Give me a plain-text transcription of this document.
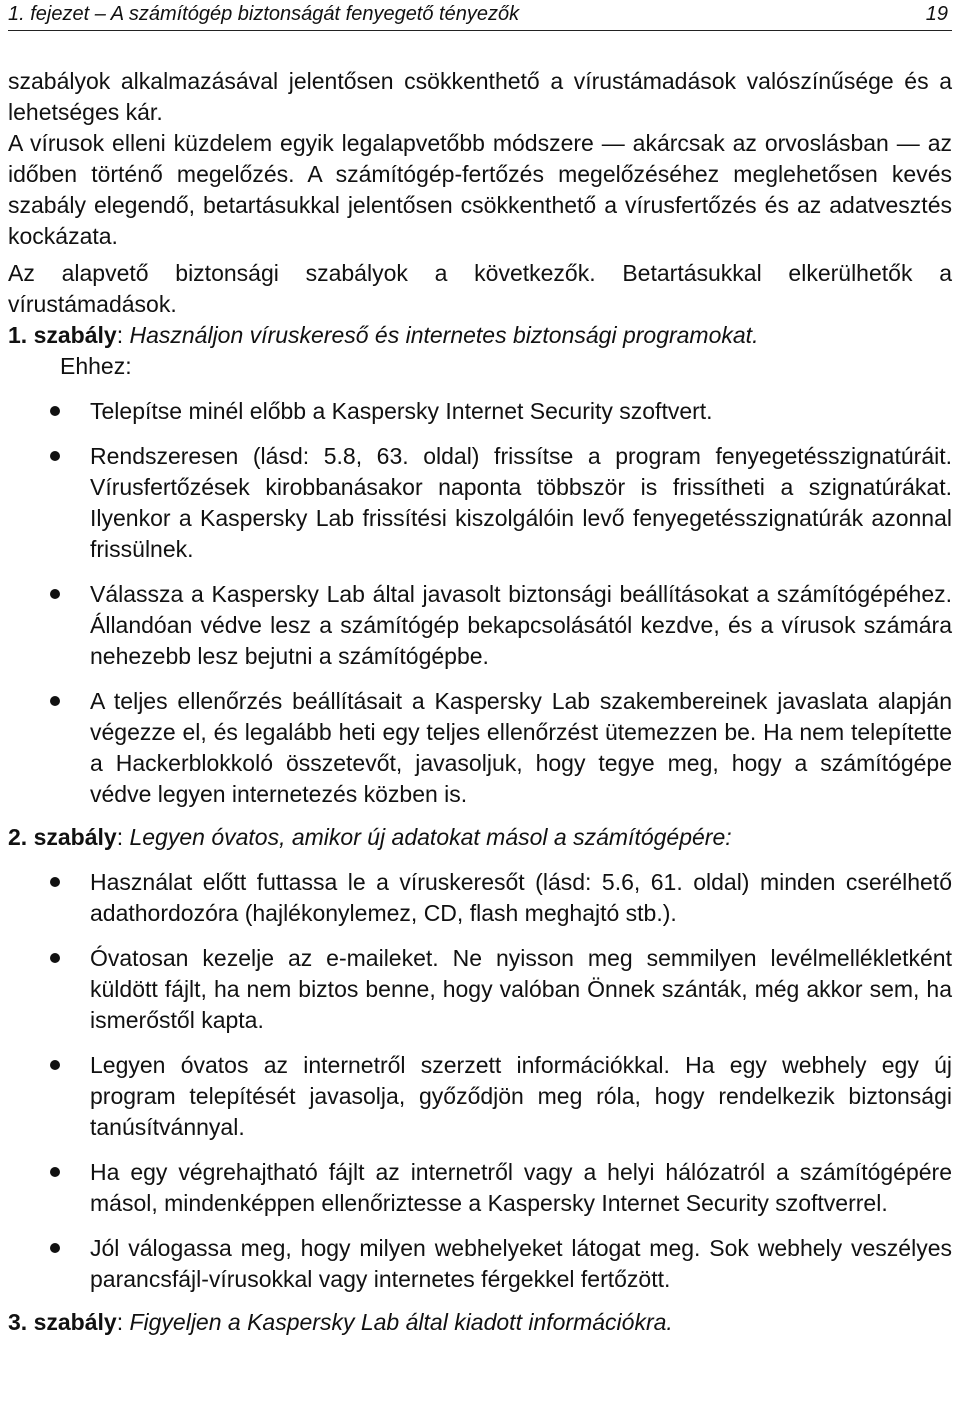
1. fejezet – A számítógép biztonságát fenyegető tényezők	19

szabályok alkalmazásával jelentősen csökkenthető a vírustámadások valószínűsége és a lehetséges kár.

A vírusok elleni küzdelem egyik legalapvetőbb módszere — akárcsak az orvoslásban — az időben történő megelőzés. A számítógép-fertőzés megelőzéséhez meglehetősen kevés szabály elegendő, betartásukkal jelentősen csökkenthető a vírusfertőzés és az adatvesztés kockázata.

Az alapvető biztonsági szabályok a következők. Betartásukkal elkerülhetők a vírustámadások.

1. szabály: Használjon víruskereső és internetes biztonsági programokat.

Ehhez:

Telepítse minél előbb a Kaspersky Internet Security szoftvert.
Rendszeresen (lásd: 5.8, 63. oldal) frissítse a program fenyegetésszignatúráit. Vírusfertőzések kirobbanásakor naponta többször is frissítheti a szignatúrákat. Ilyenkor a Kaspersky Lab frissítési kiszolgálóin levő fenyegetésszignatúrák azonnal frissülnek.
Válassza a Kaspersky Lab által javasolt biztonsági beállításokat a számítógépéhez. Állandóan védve lesz a számítógép bekapcsolásától kezdve, és a vírusok számára nehezebb lesz bejutni a számítógépbe.
A teljes ellenőrzés beállításait a Kaspersky Lab szakembereinek javaslata alapján végezze el, és legalább heti egy teljes ellenőrzést ütemezzen be. Ha nem telepítette a Hackerblokkoló összetevőt, javasoljuk, hogy tegye meg, hogy a számítógépe védve legyen internetezés közben is.

2. szabály: Legyen óvatos, amikor új adatokat másol a számítógépére:

Használat előtt futtassa le a víruskeresőt (lásd: 5.6, 61. oldal) minden cserélhető adathordozóra (hajlékonylemez, CD, flash meghajtó stb.).
Óvatosan kezelje az e-maileket. Ne nyisson meg semmilyen levélmellékletként küldött fájlt, ha nem biztos benne, hogy valóban Önnek szánták, még akkor sem, ha ismerőstől kapta.
Legyen óvatos az internetről szerzett információkkal. Ha egy webhely egy új program telepítését javasolja, győződjön meg róla, hogy rendelkezik biztonsági tanúsítvánnyal.
Ha egy végrehajtható fájlt az internetről vagy a helyi hálózatról a számítógépére másol, mindenképpen ellenőriztesse a Kaspersky Internet Security szoftverrel.
Jól válogassa meg, hogy milyen webhelyeket látogat meg. Sok webhely veszélyes parancsfájl-vírusokkal vagy internetes férgekkel fertőzött.

3. szabály: Figyeljen a Kaspersky Lab által kiadott információkra.
